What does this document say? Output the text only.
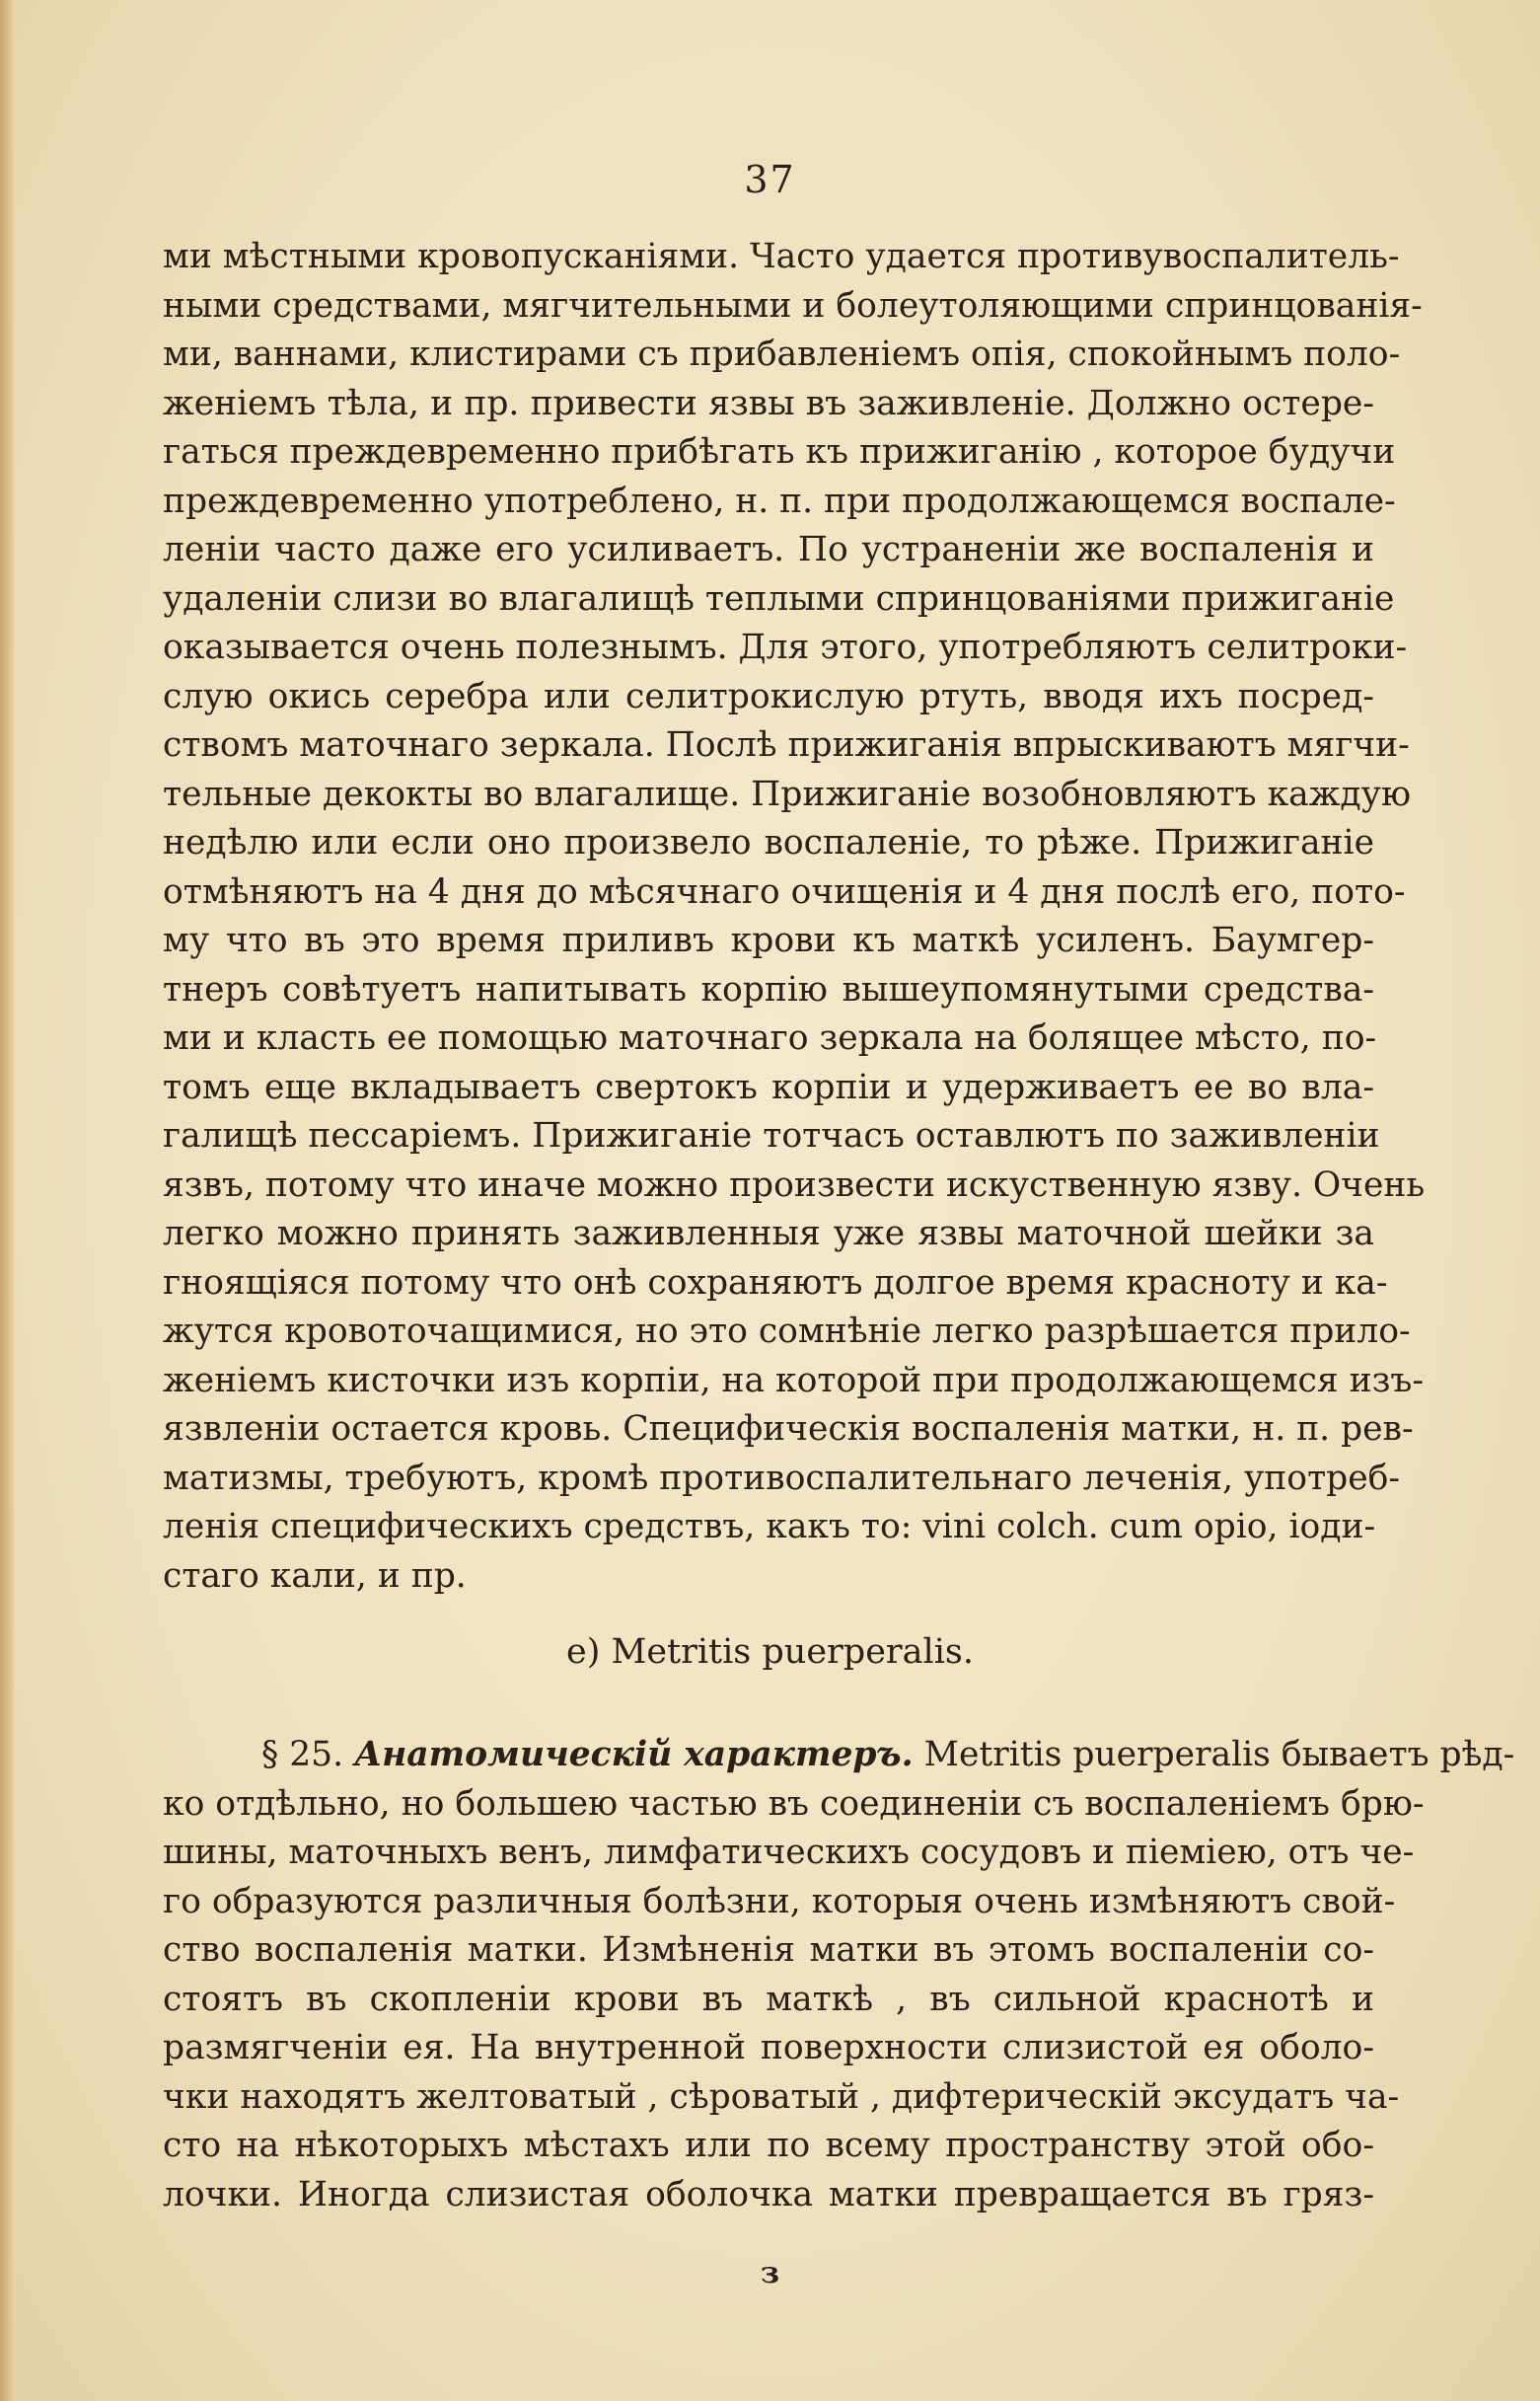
37
ми мѣстными кровопусканіями. Часто удается противувоспалитель-
ными средствами, мягчительными и болеутоляющими спринцованія-
ми, ваннами, клистирами съ прибавленіемъ опія, спокойнымъ поло-
женіемъ тѣла, и пр. привести язвы въ заживленіе. Должно остере-
гаться преждевременно прибѣгать къ прижиганію , которое будучи
преждевременно употреблено, н. п. при продолжающемся воспале-
леніи часто даже его усиливаетъ. По устраненіи же воспаленія и
удаленіи слизи во влагалищѣ теплыми спринцованіями прижиганіе
оказывается очень полезнымъ. Для этого, употребляютъ селитроки-
слую окись серебра или селитрокислую ртуть, вводя ихъ посред-
ствомъ маточнаго зеркала. Послѣ прижиганія впрыскиваютъ мягчи-
тельные декокты во влагалище. Прижиганіе возобновляютъ каждую
недѣлю или если оно произвело воспаленіе, то рѣже. Прижиганіе
отмѣняютъ на 4 дня до мѣсячнаго очищенія и 4 дня послѣ его, пото-
му что въ это время приливъ крови къ маткѣ усиленъ. Баумгер-
тнеръ совѣтуетъ напитывать корпію вышеупомянутыми средства-
ми и класть ее помощью маточнаго зеркала на болящее мѣсто, по-
томъ еще вкладываетъ свертокъ корпіи и удерживаетъ ее во вла-
галищѣ пессаріемъ. Прижиганіе тотчасъ оставлютъ по заживленіи
язвъ, потому что иначе можно произвести искуственную язву. Очень
легко можно принять заживленныя уже язвы маточной шейки за
гноящіяся потому что онѣ сохраняютъ долгое время красноту и ка-
жутся кровоточащимися, но это сомнѣніе легко разрѣшается прило-
женіемъ кисточки изъ корпіи, на которой при продолжающемся изъ-
язвленіи остается кровь. Специфическія воспаленія матки, н. п. рев-
матизмы, требуютъ, кромѣ противоспалительнаго леченія, употреб-
ленія специфическихъ средствъ, какъ то: vini colch. cum opio, іоди-
стаго кали, и пр.
e) Metritis puerperalis.
§ 25. Анатомическій характеръ. Metritis puerperalis бываетъ рѣд-
ко отдѣльно, но большею частью въ соединеніи съ воспаленіемъ брю-
шины, маточныхъ венъ, лимфатическихъ сосудовъ и піеміею, отъ че-
го образуются различныя болѣзни, которыя очень измѣняютъ свой-
ство воспаленія матки. Измѣненія матки въ этомъ воспаленіи со-
стоятъ въ скопленіи крови въ маткѣ , въ сильной краснотѣ и
размягченіи ея. На внутренной поверхности слизистой ея оболо-
чки находятъ желтоватый , сѣроватый , дифтерическій эксудатъ ча-
сто на нѣкоторыхъ мѣстахъ или по всему пространству этой обо-
лочки. Иногда слизистая оболочка матки превращается въ гряз-
з
